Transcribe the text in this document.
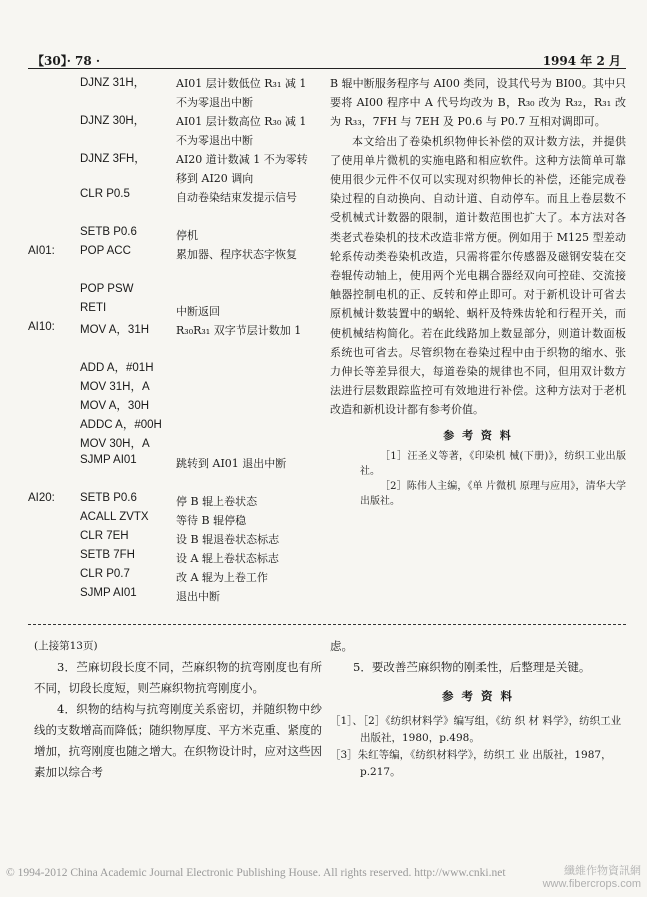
【30】· 78 ·	1994 年 2 月
DJNZ 31H，	AI01 层计数低位 R₃₁ 减 1 不为零退出中断
DJNZ 30H，	AI01 层计数高位 R₃₀ 减 1 不为零退出中断
DJNZ 3FH，	AI20 道计数减 1 不为零转移到 AI20 调向
CLR P0.5	自动卷染结束发提示信号
SETB P0.6	停机
AI01:	POP ACC	累加器、程序状态字恢复
POP PSW
RETI	中断返回
AI10:	MOV A，31H	R₃₀R₃₁ 双字节层计数加 1
ADD A，#01H
MOV 31H，A
MOV A，30H
ADDC A，#00H
MOV 30H，A
SJMP AI01	跳转到 AI01 退出中断
AI20:	SETB P0.6	停 B 辊上卷状态
ACALL ZVTX	等待 B 辊停稳
CLR 7EH	设 B 辊退卷状态标志
SETB 7FH	设 A 辊上卷状态标志
CLR P0.7	改 A 辊为上卷工作
SJMP AI01	退出中断

B 辊中断服务程序与 AI00 类同，设其代号为 BI00。其中只要将 AI00 程序中 A 代号均改为 B，R₃₀ 改为 R₃₂，R₃₁ 改为 R₃₃，7FH 与 7EH 及 P0.6 与 P0.7 互相对调即可。

本文给出了卷染机织物伸长补偿的双计数方法，并提供了使用单片微机的实施电路和相应软件。这种方法简单可靠使用很少元件不仅可以实现对织物伸长的补偿，还能完成卷染过程的自动换向、自动计道、自动停车。而且上卷层数不受机械式计数器的限制，道计数范围也扩大了。本方法对各类老式卷染机的技术改造非常方便。例如用于 M125 型差动轮系传动类卷染机改造，只需将霍尔传感器及磁钢安装在交卷辊传动轴上，使用两个光电耦合器经双向可控硅、交流接触器控制电机的正、反转和停止即可。对于新机设计可省去原机械计数装置中的蜗轮、蜗杆及特殊齿轮和行程开关，而使机械结构简化。若在此线路加上数显部分，则道计数面板系统也可省去。尽管织物在卷染过程中由于织物的缩水、张力伸长等差异很大，每道卷染的规律也不同，但用双计数方法进行层数跟踪监控可有效地进行补偿。这种方法对于老机改造和新机设计都有参考价值。

参 考 资 料

［1］汪圣义等著，《印染机 械(下册)》，纺织工业出版社。

［2］陈伟人主编，《单 片微机 原理与应用》，清华大学出版社。

(上接第13页)

3．苎麻切段长度不同，苎麻织物的抗弯刚度也有所不同，切段长度短，则苎麻织物抗弯刚度小。

4．织物的结构与抗弯刚度关系密切，并随织物中纱线的支数增高而降低；随织物厚度、平方米克重、紧度的增加，抗弯刚度也随之增大。在织物设计时，应对这些因素加以综合考

虑。

5．要改善苎麻织物的刚柔性，后整理是关键。

参 考 资 料

［1］、［2］《纺织材料学》编写组，《纺 织 材 料学》，纺织工业出版社，1980，p.498。

［3］朱红等编，《纺织材料学》，纺织工 业 出版社，1987，p.217。

© 1994-2012 China Academic Journal Electronic Publishing House. All rights reserved. http://www.cnki.net	纖維作物資訊網
www.fibercrops.com
